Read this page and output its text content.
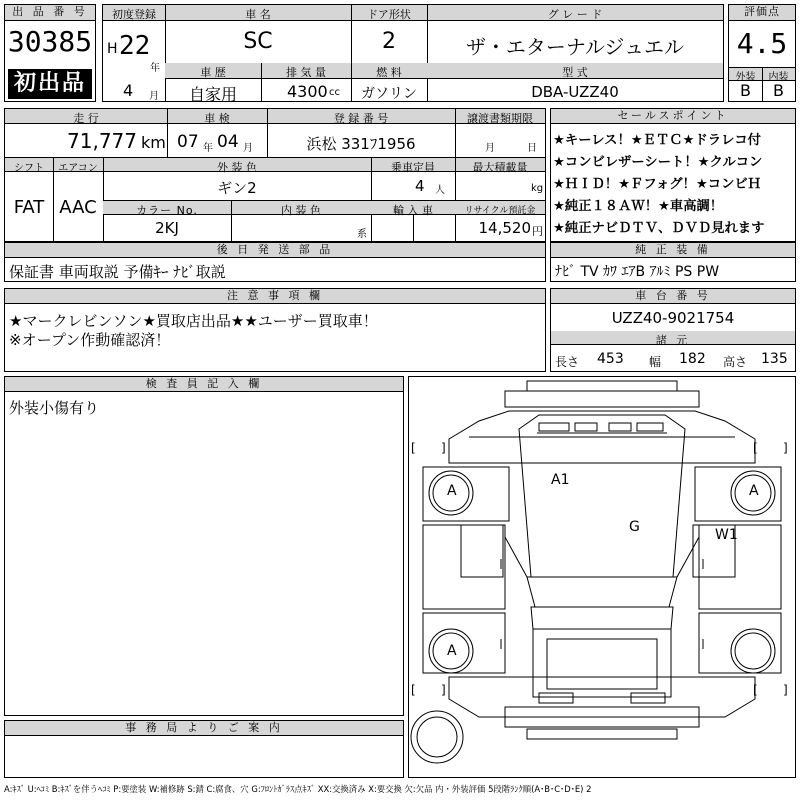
出 品 番 号
30385
初出品
初度登録	車 名	ドア形状	グ レ ー ド
H 22
年
SC	2	ザ・エターナルジュエル
車 歴	排 気 量	燃 料	型 式
4 月	自家用	4300 cc	ガソリン	DBA-UZZ40
評価点
4.5
外装	内装
B	B
走 行	車 検	登 録 番 号	譲渡書類期限
71,777 km 07 年 04 月	浜松 331ﾌ1956	月	日
シフト	エアコン	外 装 色	乗車定員	最大積載量
FAT AAC
ギン2	4 人	kg
カラー No.	内 装 色	輸 入 車	リサイクル預託金
2KJ	系	14,520 円
セールスポイント
★キーレス！★ＥＴＣ★ドラレコ付
★コンビレザーシート！★クルコン
★ＨＩＤ！★Ｆフォグ！★コンビＨ
★純正１８ＡＷ！★車高調！
★純正ナビＤＴＶ、ＤＶＤ見れます
後 日 発 送 部 品
保証書 車両取説 予備ｷｰ ﾅﾋﾞ取説
純 正 装 備
ﾅﾋﾞ TV ｶﾜ ｴｱB ｱﾙﾐ PS PW
注 意 事 項 欄
★マークレビンソン★買取店出品★★ユーザー買取車！
※オープン作動確認済！
車 台 番 号
UZZ40-9021754
諸 元
長さ 453 幅 182 高さ 135
検 査 員 記 入 欄
外装小傷有り
事 務 局 よ り ご 案 内
[ ]	[ ]
[ ]	[ ]
A1
G	W1
A	A
A
A:ｷｽﾞ U:ﾍｺﾐ B:ｷｽﾞを伴うﾍｺﾐ P:要塗装 W:補修跡 S:錆 C:腐食、穴 G:ﾌﾛﾝﾄｶﾞﾗｽ点ｷｽﾞ XX:交換済み X:要交換 欠:欠品 内・外装評価 5段階ﾗﾝｸ順(A･B･C･D･E) 2
